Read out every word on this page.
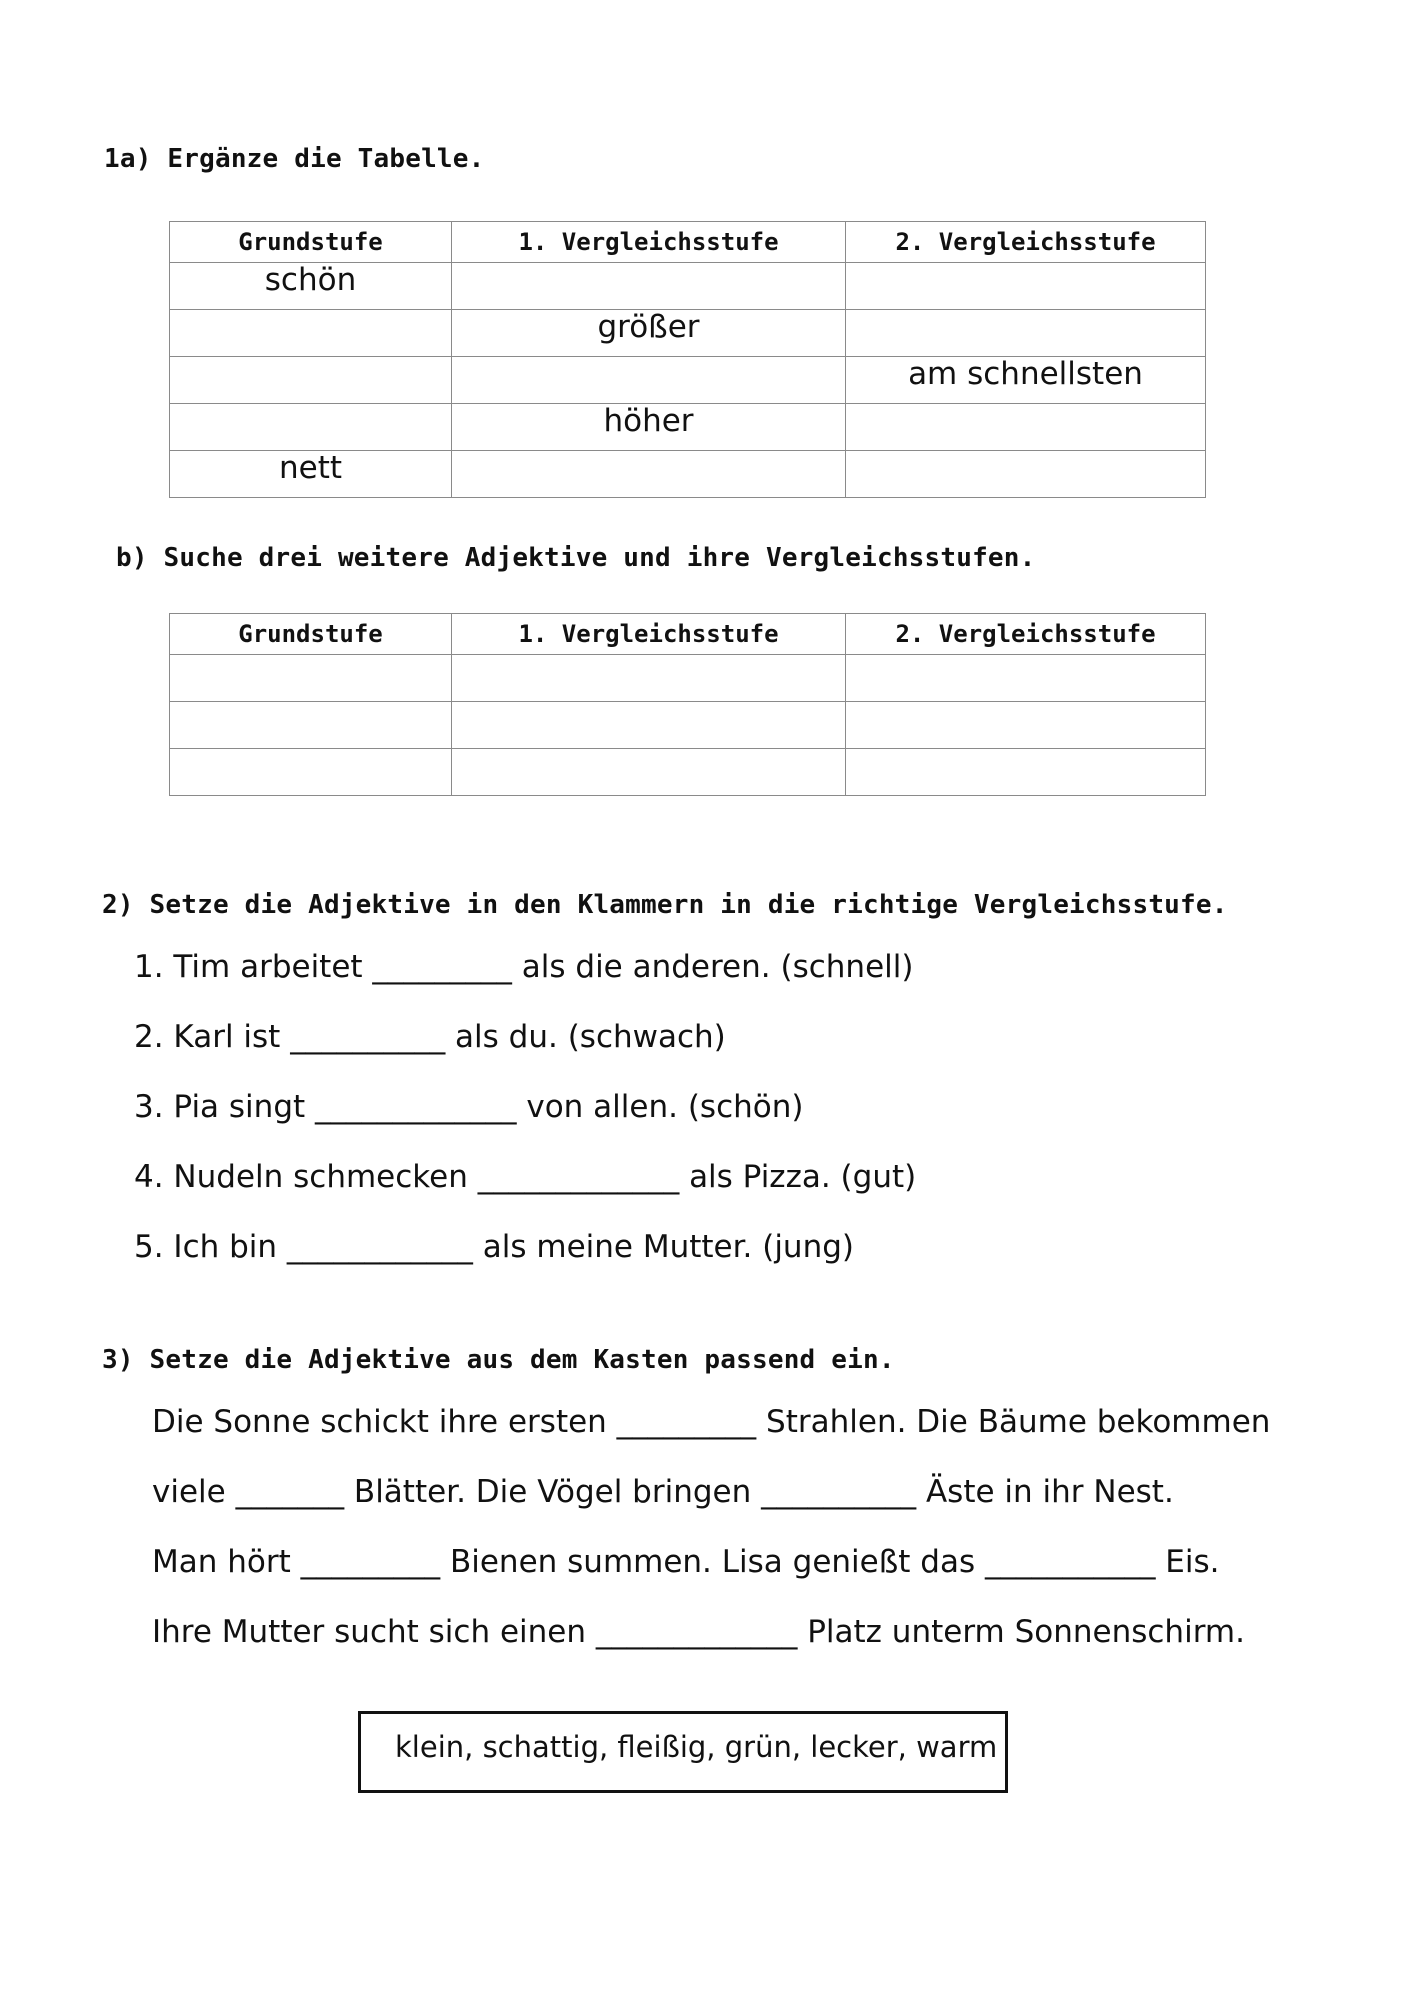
1a) Ergänze die Tabelle.
Grundstufe	1. Vergleichsstufe	2. Vergleichsstufe
schön		
	größer	
		am schnellsten
	höher	
nett		
b) Suche drei weitere Adjektive und ihre Vergleichsstufen.
Grundstufe	1. Vergleichsstufe	2. Vergleichsstufe

2) Setze die Adjektive in den Klammern in die richtige Vergleichsstufe.
1. Tim arbeitet _________ als die anderen. (schnell)
2. Karl ist __________ als du. (schwach)
3. Pia singt _____________ von allen. (schön)
4. Nudeln schmecken _____________ als Pizza. (gut)
5. Ich bin ____________ als meine Mutter. (jung)
3) Setze die Adjektive aus dem Kasten passend ein.
Die Sonne schickt ihre ersten _________ Strahlen. Die Bäume bekommen
viele _______ Blätter. Die Vögel bringen __________ Äste in ihr Nest.
Man hört _________ Bienen summen. Lisa genießt das ___________ Eis.
Ihre Mutter sucht sich einen _____________ Platz unterm Sonnenschirm.
klein, schattig, fleißig, grün, lecker, warm
